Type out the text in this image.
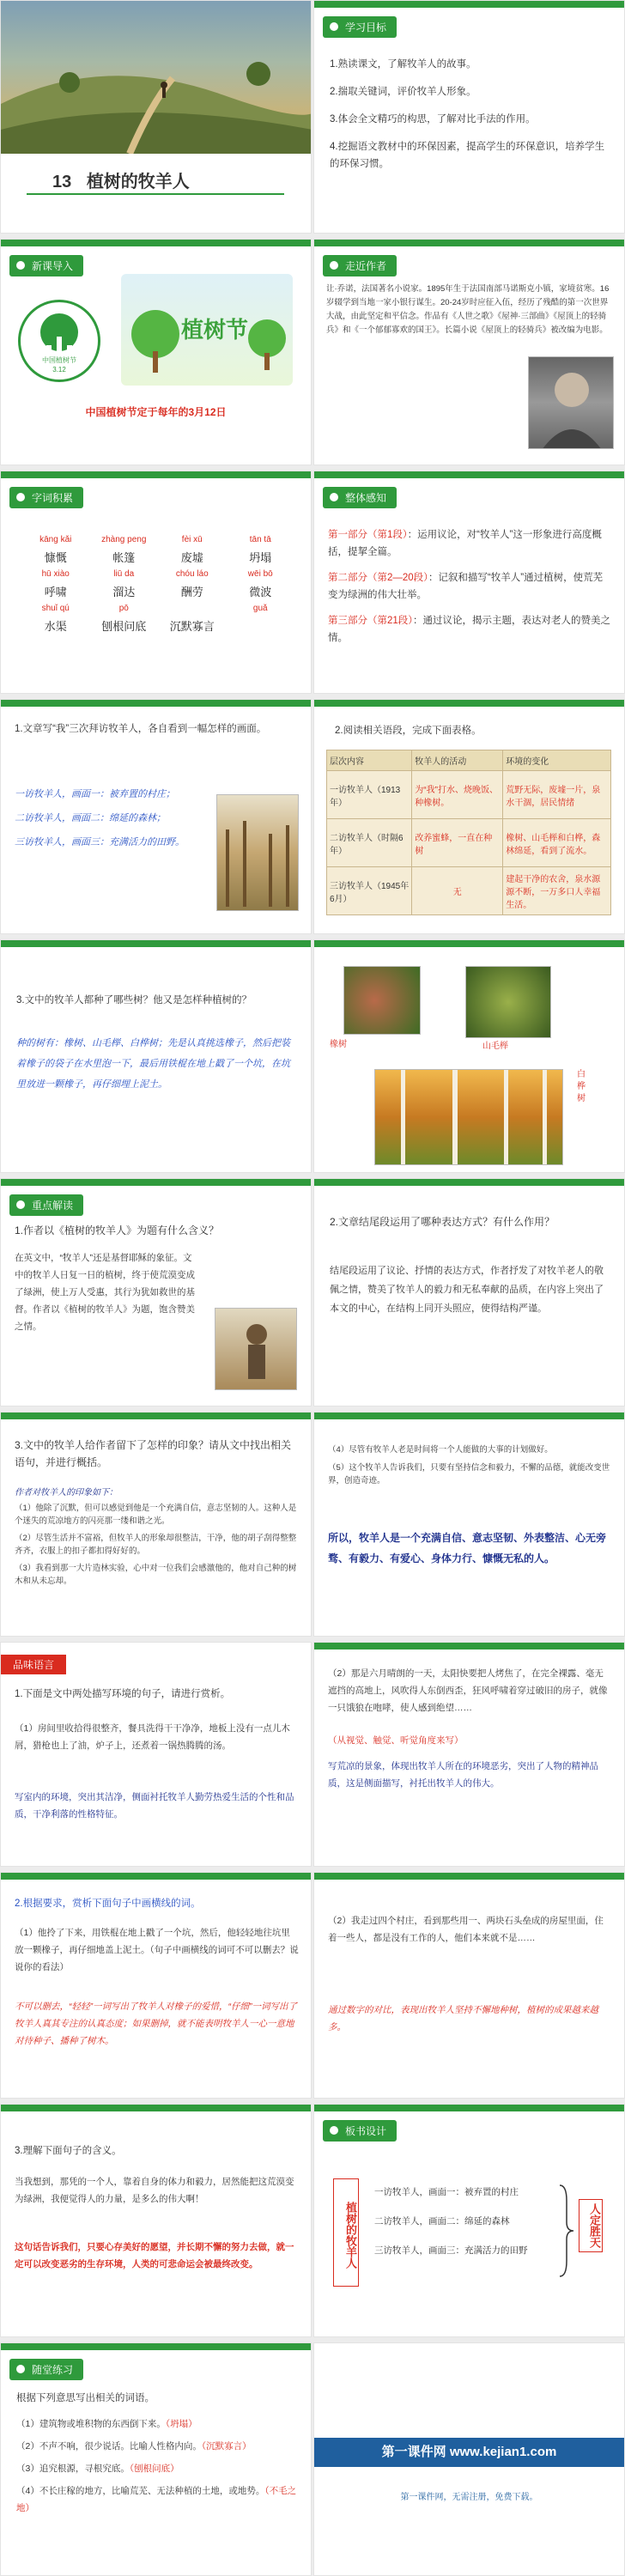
13 植树的牧羊人
学习目标

1.熟读课文，了解牧羊人的故事。

2.揣取关键词，评价牧羊人形象。

3.体会全文精巧的构思，了解对比手法的作用。

4.挖掘语文教材中的环保因素，提高学生的环保意识，培养学生的环保习惯。

新课导入
中国植树节
3.12
植树节
中国植树节定于每年的3月12日
走近作者

让·乔诺，法国著名小说家。1895年生于法国南部马诺斯克小镇，家境贫寒。16岁辍学到当地一家小银行谋生。20-24岁时应征入伍，经历了残酷的第一次世界大战，由此坚定和平信念。作品有《人世之歌》《屋神·三部曲》《屋顶上的轻骑兵》和《一个郁郁寡欢的国王》。长篇小说《屋顶上的轻骑兵》被改编为电影。

字词积累
kāng kǎi	zhàng peng	fèi xū	tān tā
慷慨	帐篷	废墟	坍塌
hū xiào	liū da	chóu láo	wēi bō
呼啸	溜达	酬劳	微波
shuǐ qú	pō	guǎ
水渠	刨根问底	沉默寡言
整体感知

第一部分（第1段）：运用议论，对“牧羊人”这一形象进行高度概括，提挈全篇。

第二部分（第2—20段）：记叙和描写“牧羊人”通过植树，使荒芜变为绿洲的伟大壮举。

第三部分（第21段）：通过议论，揭示主题，表达对老人的赞美之情。

1.文章写“我”三次拜访牧羊人，各自看到一幅怎样的画面。

一访牧羊人，画面一：被弃置的村庄；

二访牧羊人，画面二：绵延的森林；

三访牧羊人，画面三：充满活力的田野。

2.阅读相关语段，完成下面表格。

层次内容	牧羊人的活动	环境的变化
一访牧羊人（1913年）	为“我”打水、烧晚饭、种橡树。	荒野无际，废墟一片，泉水干涸，居民情绪
二访牧羊人（时隔6年）	改养蜜蜂，一直在种树	橡树、山毛榉和白桦，森林绵延，看到了流水。
三访牧羊人（1945年6月）	无	建起干净的农舍，泉水源源不断，一万多口人幸福生活。

3.文中的牧羊人都种了哪些树？他又是怎样种植树的？

种的树有：橡树、山毛榉、白桦树；先是认真挑选橡子，然后把装着橡子的袋子在水里泡一下，最后用铁棍在地上戳了一个坑，在坑里放进一颗橡子，再仔细埋上泥土。

橡树	山毛榉
白桦树
重点解读

1.作者以《植树的牧羊人》为题有什么含义？

在英文中，“牧羊人”还是基督耶稣的象征。文中的牧羊人日复一日的植树，终于使荒漠变成了绿洲，使上万人受惠，其行为犹如救世的基督。作者以《植树的牧羊人》为题，饱含赞美之情。

2.文章结尾段运用了哪种表达方式？有什么作用？

结尾段运用了议论、抒情的表达方式，作者抒发了对牧羊老人的敬佩之情，赞美了牧羊人的毅力和无私奉献的品质，在内容上突出了本文的中心，在结构上同开头照应，使得结构严谨。

3.文中的牧羊人给作者留下了怎样的印象？请从文中找出相关语句，并进行概括。

作者对牧羊人的印象如下：

（1）他除了沉默，但可以感觉到他是一个充满自信，意志坚韧的人。这种人是个迷失的荒凉地方的闪亮那一缕和谐之光。

（2）尽管生活并不富裕，但牧羊人的形象却很整洁，干净，他的胡子刮得整整齐齐，衣服上的扣子都扣得好好的。

（3）我看到那一大片造林实验，心中对一位我们会感激他的，他对自己种的树木和从未忘却。

（4）尽管有牧羊人老是时间将一个人能做的大事的计划做好。

（5）这个牧羊人告诉我们，只要有坚持信念和毅力，不懈的品德，就能改变世界，创造奇迹。

所以，牧羊人是一个充满自信、意志坚韧、外表整洁、心无旁骛、有毅力、有爱心、身体力行、慷慨无私的人。

品味语言

1.下面是文中两处描写环境的句子，请进行赏析。

（1）房间里收拾得很整齐，餐具洗得干干净净，地板上没有一点儿木屑，猎枪也上了油，炉子上，还煮着一锅热腾腾的汤。

写室内的环境，突出其洁净，侧面衬托牧羊人勤劳热爱生活的个性和品质，干净利落的性格特征。

（2）那是六月晴朗的一天，太阳快要把人烤焦了，在完全裸露、毫无遮挡的高地上，风吹得人东倒西歪，狂风呼啸着穿过破旧的房子，就像一只饿狼在咆哮，使人感到绝望……

（从视觉、触觉、听觉角度来写）

写荒凉的景象，体现出牧羊人所在的环境恶劣，突出了人物的精神品质，这是侧面描写，衬托出牧羊人的伟大。

2.根据要求，赏析下面句子中画横线的词。

（1）他拎了下来，用铁棍在地上戳了一个坑，然后，他轻轻地往坑里放一颗橡子，再仔细地盖上泥土。（句子中画横线的词可不可以删去？说说你的看法）

不可以删去，“轻轻”一词写出了牧羊人对橡子的爱惜，“仔细”一词写出了牧羊人真其专注的认真态度；如果删掉，就不能表明牧羊人一心一意地对待种子、播种了树木。

（2）我走过四个村庄，看到那些用一、两块石头垒成的房屋里面，住着一些人，都是没有工作的人，他们本来就不是……

通过数字的对比，表现出牧羊人坚持不懈地种树，植树的成果越来越多。

3.理解下面句子的含义。

当我想到，那凭的一个人，靠着自身的体力和毅力，居然能把这荒漠变为绿洲，我便觉得人的力量，是多么的伟大啊！

这句话告诉我们，只要心存美好的愿望，并长期不懈的努力去做，就一定可以改变恶劣的生存环境，人类的可悲命运会被最终改变。

板书设计
植树的牧羊人

一访牧羊人，画面一：被弃置的村庄

二访牧羊人，画面二：绵延的森林

三访牧羊人，画面三：充满活力的田野

人定胜天
随堂练习

根据下列意思写出相关的词语。

（1）建筑物或堆积物的东西倒下来。（坍塌）

（2）不声不响，很少说话。比喻人性格内向。（沉默寡言）

（3）追究根源，寻根究底。（刨根问底）

（4）不长庄稼的地方，比喻荒芜、无法种植的土地，或地势。（不毛之地）

第一课件网 www.kejian1.com

第一课件网，无需注册，免费下载。
